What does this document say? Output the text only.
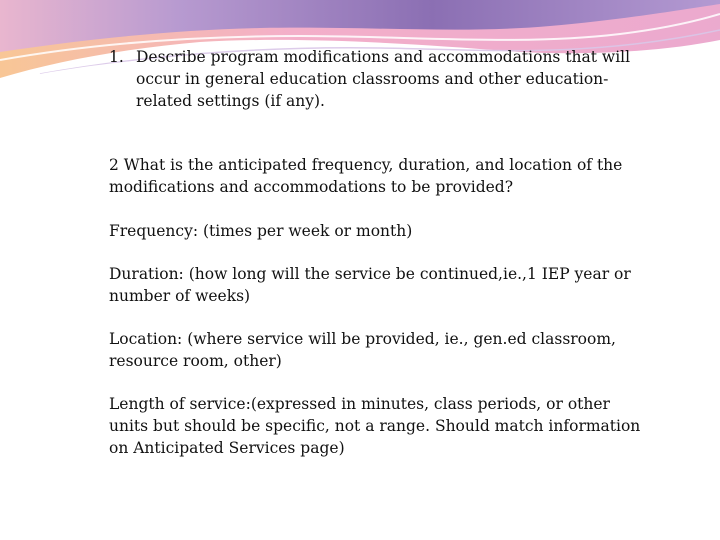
1. Describe program modifications and accommodations that will occur in general education classrooms and other education-related settings (if any).

2 What is the anticipated frequency, duration, and location of the modifications and accommodations to be provided?

Frequency: (times per week or month)

Duration: (how long will the service be continued,ie.,1 IEP year or number of weeks)

Location: (where service will be provided, ie., gen.ed classroom, resource room, other)

Length of service:(expressed in minutes, class periods, or other units but should be specific, not a range. Should match information on Anticipated Services page)
